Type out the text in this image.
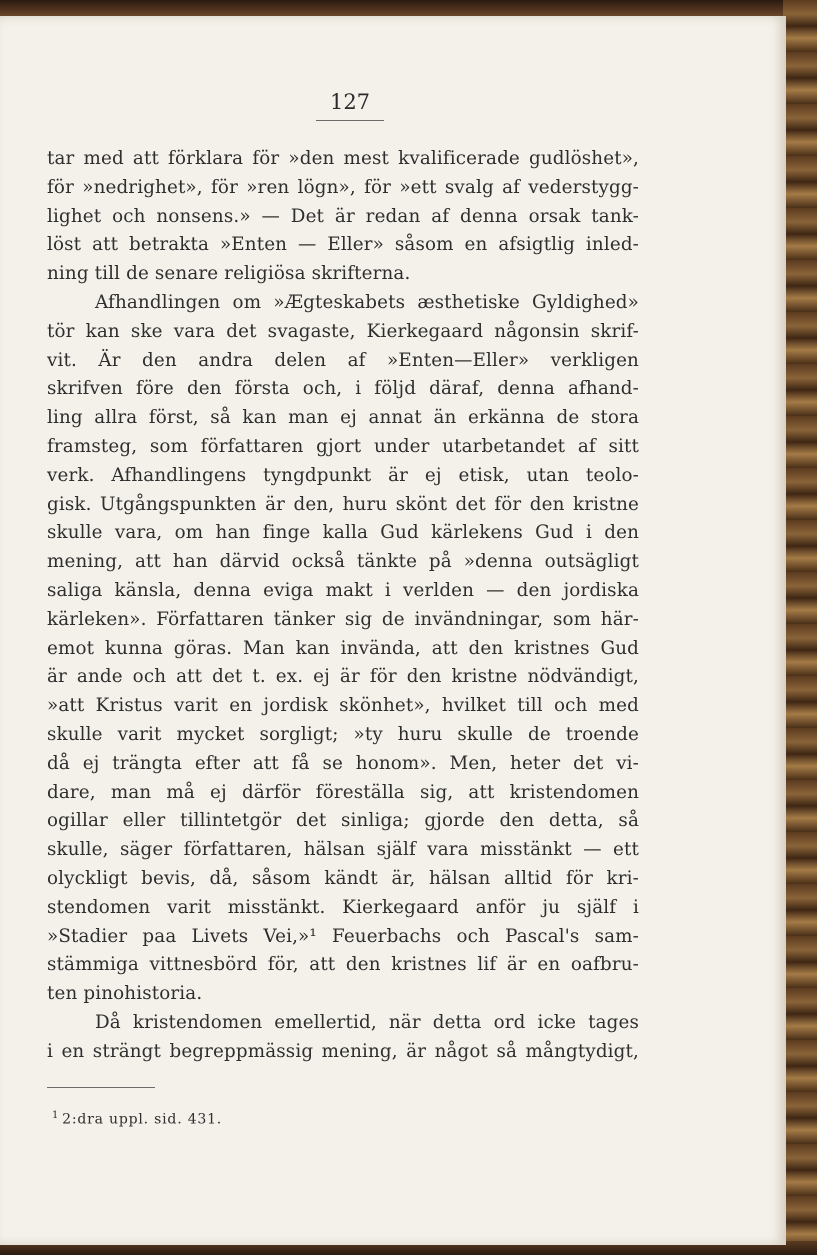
127
tar med att förklara för »den mest kvalificerade gudlöshet»,
för »nedrighet», för »ren lögn», för »ett svalg af vederstygg-
lighet och nonsens.» — Det är redan af denna orsak tank-
löst att betrakta »Enten — Eller» såsom en afsigtlig inled-
ning till de senare religiösa skrifterna.
Afhandlingen om »Ægteskabets æsthetiske Gyldighed»
tör kan ske vara det svagaste, Kierkegaard någonsin skrif-
vit. Är den andra delen af »Enten—Eller» verkligen
skrifven före den första och, i följd däraf, denna afhand-
ling allra först, så kan man ej annat än erkänna de stora
framsteg, som författaren gjort under utarbetandet af sitt
verk. Afhandlingens tyngdpunkt är ej etisk, utan teolo-
gisk. Utgångspunkten är den, huru skönt det för den kristne
skulle vara, om han finge kalla Gud kärlekens Gud i den
mening, att han därvid också tänkte på »denna outsägligt
saliga känsla, denna eviga makt i verlden — den jordiska
kärleken». Författaren tänker sig de invändningar, som här-
emot kunna göras. Man kan invända, att den kristnes Gud
är ande och att det t. ex. ej är för den kristne nödvändigt,
»att Kristus varit en jordisk skönhet», hvilket till och med
skulle varit mycket sorgligt; »ty huru skulle de troende
då ej trängta efter att få se honom». Men, heter det vi-
dare, man må ej därför föreställa sig, att kristendomen
ogillar eller tillintetgör det sinliga; gjorde den detta, så
skulle, säger författaren, hälsan själf vara misstänkt — ett
olyckligt bevis, då, såsom kändt är, hälsan alltid för kri-
stendomen varit misstänkt. Kierkegaard anför ju själf i
»Stadier paa Livets Vei,»¹ Feuerbachs och Pascal's sam-
stämmiga vittnesbörd för, att den kristnes lif är en oafbru-
ten pinohistoria.
Då kristendomen emellertid, när detta ord icke tages
i en strängt begreppmässig mening, är något så mångtydigt,
$^1$ 2:dra uppl. sid. 431.
